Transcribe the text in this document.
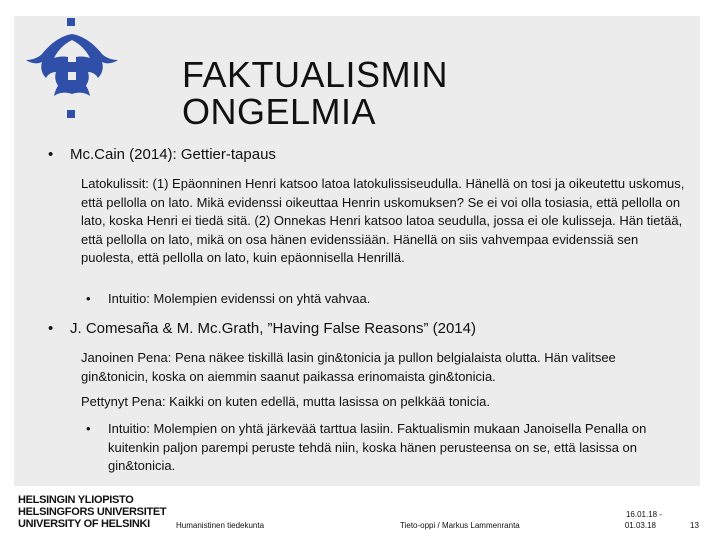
FAKTUALISMIN
ONGELMIA
• Mc.Cain (2014): Gettier-tapaus
Latokulissit: (1) Epäonninen Henri katsoo latoa latokulissiseudulla. Hänellä on tosi ja oikeutettu uskomus, että pellolla on lato. Mikä evidenssi oikeuttaa Henrin uskomuksen? Se ei voi olla tosiasia, että pellolla on lato, koska Henri ei tiedä sitä. (2) Onnekas Henri katsoo latoa seudulla, jossa ei ole kulisseja. Hän tietää, että pellolla on lato, mikä on osa hänen evidenssiään. Hänellä on siis vahvempaa evidenssiä sen puolesta, että pellolla on lato, kuin epäonnisella Henrillä.
• Intuitio: Molempien evidenssi on yhtä vahvaa.
• J. Comesaña & M. Mc.Grath, ”Having False Reasons” (2014)
Janoinen Pena: Pena näkee tiskillä lasin gin&tonicia ja pullon belgialaista olutta. Hän valitsee gin&tonicin, koska on aiemmin saanut paikassa erinomaista gin&tonicia.
Pettynyt Pena: Kaikki on kuten edellä, mutta lasissa on pelkkää tonicia.
• Intuitio: Molempien on yhtä järkevää tarttua lasiin. Faktualismin mukaan Janoisella Penalla on kuitenkin paljon parempi peruste tehdä niin, koska hänen perusteensa on se, että lasissa on gin&tonicia.
HELSINGIN YLIOPISTO
HELSINGFORS UNIVERSITET
UNIVERSITY OF HELSINKI	Humanistinen tiedekunta	Tieto-oppi / Markus Lammenranta
16.01.18 -
01.03.18	13
